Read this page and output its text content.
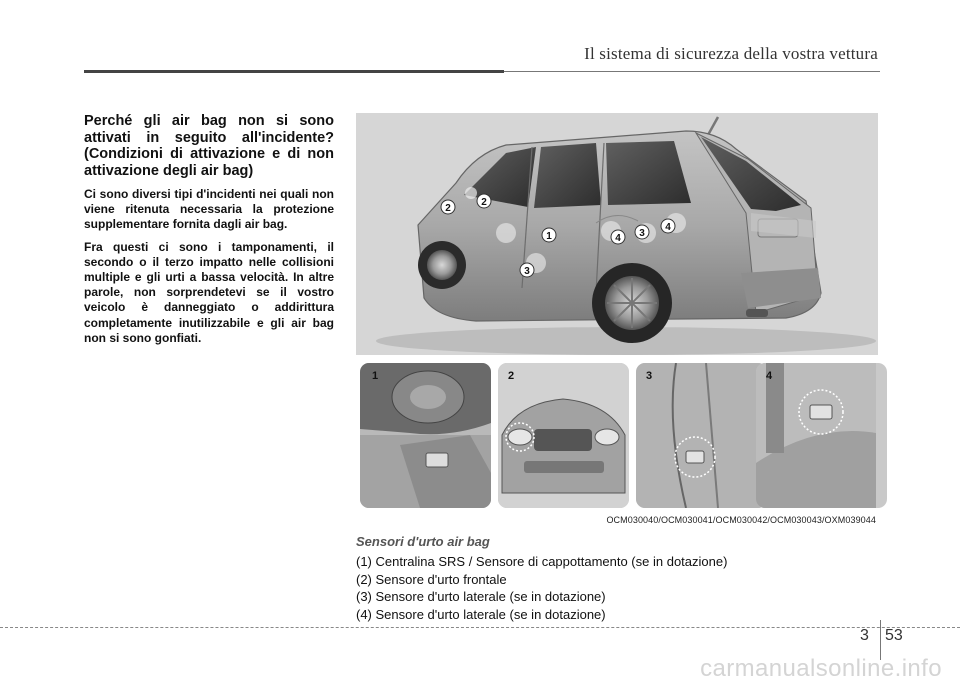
Il sistema di sicurezza della vostra vettura

Perché gli air bag non si sono attivati in seguito all'incidente? (Condizioni di attivazione e di non attivazione degli air bag)

Ci sono diversi tipi d'incidenti nei quali non viene ritenuta necessaria la protezione supplementare fornita dagli air bag.

Fra questi ci sono i tamponamenti, il secondo o il terzo impatto nelle collisioni multiple e gli urti a bassa velocità. In altre parole, non sorprendetevi se il vostro veicolo è danneggiato o addirittura completamente inutilizzabile e gli air bag non si sono gonfiati.

2
2
1	4 3
4
3
1	2	3	4
OCM030040/OCM030041/OCM030042/OCM030043/OXM039044

Sensori d'urto air bag

(1) Centralina SRS / Sensore di cappottamento (se in dotazione)

(2) Sensore d'urto frontale

(3) Sensore d'urto laterale (se in dotazione)

(4) Sensore d'urto laterale (se in dotazione)

3 53
carmanualsonline.info
